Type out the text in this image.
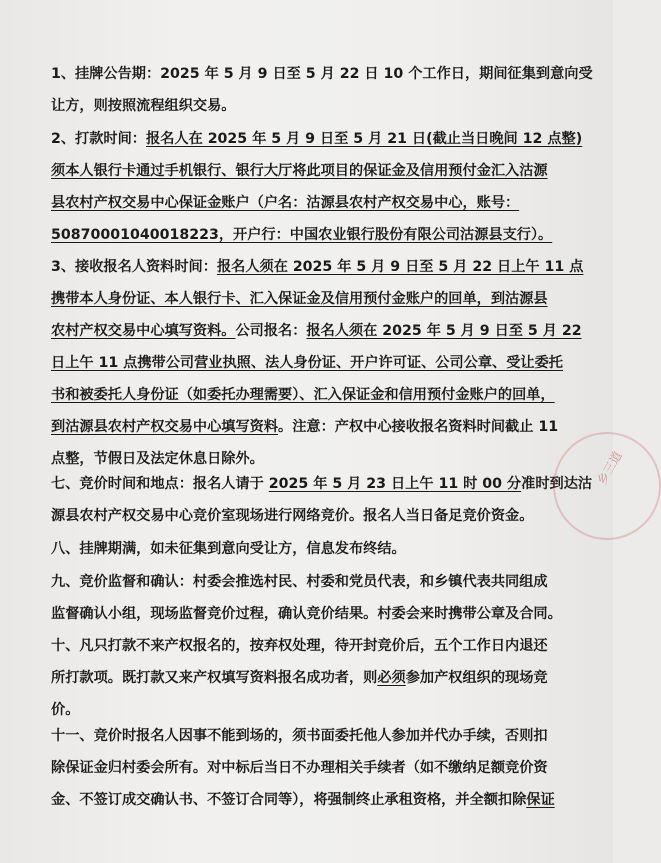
1、挂牌公告期：2025 年 5 月 9 日至 5 月 22 日 10 个工作日，期间征集到意向受
让方，则按照流程组织交易。

2、打款时间：报名人在 2025 年 5 月 9 日至 5 月 21 日(截止当日晚间 12 点整)
须本人银行卡通过手机银行、银行大厅将此项目的保证金及信用预付金汇入沽源
县农村产权交易中心保证金账户（户名：沽源县农村产权交易中心，账号：
50870001040018223，开户行：中国农业银行股份有限公司沽源县支行）。

3、接收报名人资料时间：报名人须在 2025 年 5 月 9 日至 5 月 22 日上午 11 点
携带本人身份证、本人银行卡、汇入保证金及信用预付金账户的回单，到沽源县
农村产权交易中心填写资料。公司报名：报名人须在 2025 年 5 月 9 日至 5 月 22
日上午 11 点携带公司营业执照、法人身份证、开户许可证、公司公章、受让委托
书和被委托人身份证（如委托办理需要）、汇入保证金和信用预付金账户的回单，
到沽源县农村产权交易中心填写资料。注意：产权中心接收报名资料时间截止 11
点整，节假日及法定休息日除外。

七、竞价时间和地点：报名人请于 2025 年 5 月 23 日上午 11 时 00 分准时到达沽
源县农村产权交易中心竞价室现场进行网络竞价。报名人当日备足竞价资金。

八、挂牌期满，如未征集到意向受让方，信息发布终结。

九、竞价监督和确认：村委会推选村民、村委和党员代表，和乡镇代表共同组成
监督确认小组，现场监督竞价过程，确认竞价结果。村委会来时携带公章及合同。

十、凡只打款不来产权报名的，按弃权处理，待开封竞价后，五个工作日内退还
所打款项。既打款又来产权填写资料报名成功者，则必须参加产权组织的现场竞
价。

十一、竞价时报名人因事不能到场的，须书面委托他人参加并代办手续，否则扣
除保证金归村委会所有。对中标后当日不办理相关手续者（如不缴纳足额竞价资
金、不签订成交确认书、不签订合同等），将强制终止承租资格，并全额扣除保证

乡三道
